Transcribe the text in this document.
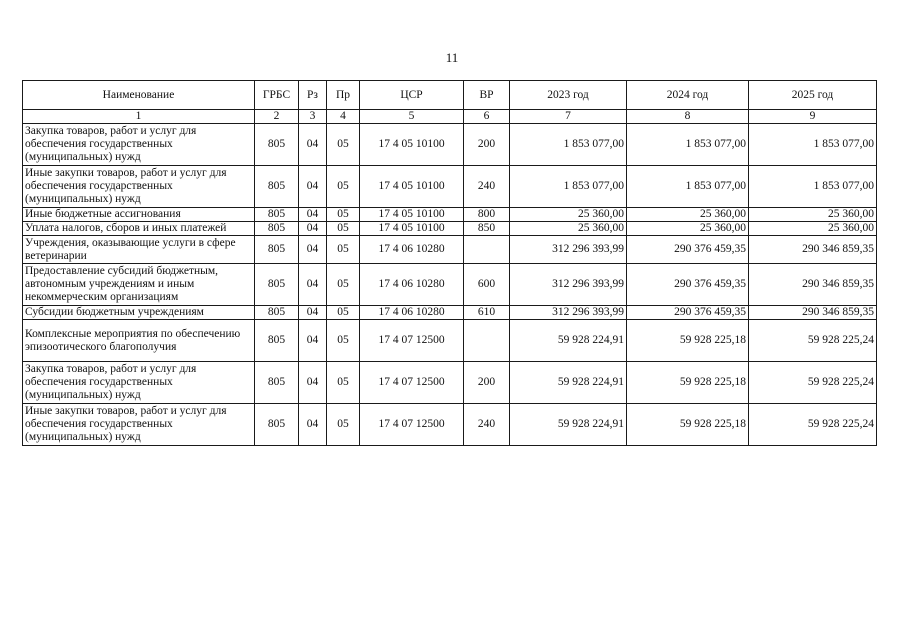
11
Наименование	ГРБС	Рз	Пр	ЦСР	ВР	2023 год	2024 год	2025 год
1	2	3	4	5	6	7	8	9
Закупка товаров, работ и услуг для обеспечения государственных (муниципальных) нужд	805	04	05	17 4 05 10100	200	1 853 077,00	1 853 077,00	1 853 077,00
Иные закупки товаров, работ и услуг для обеспечения государственных (муниципальных) нужд	805	04	05	17 4 05 10100	240	1 853 077,00	1 853 077,00	1 853 077,00
Иные бюджетные ассигнования	805	04	05	17 4 05 10100	800	25 360,00	25 360,00	25 360,00
Уплата налогов, сборов и иных платежей	805	04	05	17 4 05 10100	850	25 360,00	25 360,00	25 360,00
Учреждения, оказывающие услуги в сфере ветеринарии	805	04	05	17 4 06 10280		312 296 393,99	290 376 459,35	290 346 859,35
Предоставление субсидий бюджетным, автономным учреждениям и иным некоммерческим организациям	805	04	05	17 4 06 10280	600	312 296 393,99	290 376 459,35	290 346 859,35
Субсидии бюджетным учреждениям	805	04	05	17 4 06 10280	610	312 296 393,99	290 376 459,35	290 346 859,35
Комплексные мероприятия по обеспечению эпизоотического благополучия	805	04	05	17 4 07 12500		59 928 224,91	59 928 225,18	59 928 225,24
Закупка товаров, работ и услуг для обеспечения государственных (муниципальных) нужд	805	04	05	17 4 07 12500	200	59 928 224,91	59 928 225,18	59 928 225,24
Иные закупки товаров, работ и услуг для обеспечения государственных (муниципальных) нужд	805	04	05	17 4 07 12500	240	59 928 224,91	59 928 225,18	59 928 225,24
